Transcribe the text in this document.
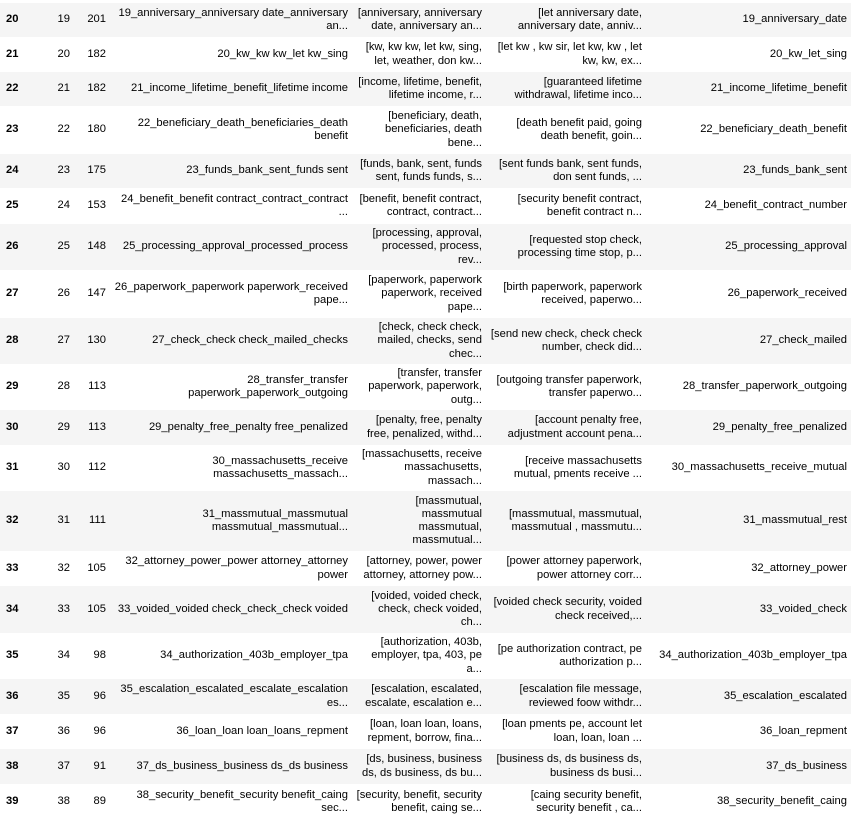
20	19	201	19_anniversary_anniversary date_anniversary an...	[anniversary, anniversary date, anniversary an...	[let anniversary date, anniversary date, anniv...	19_anniversary_date
21	20	182	20_kw_kw kw_let kw_sing	[kw, kw kw, let kw, sing, let, weather, don kw...	[let kw , kw sir, let kw, kw , let kw, kw, ex...	20_kw_let_sing
22	21	182	21_income_lifetime_benefit_lifetime income	[income, lifetime, benefit, lifetime income, r...	[guaranteed lifetime withdrawal, lifetime inco...	21_income_lifetime_benefit
23	22	180	22_beneficiary_death_beneficiaries_death benefit	[beneficiary, death, beneficiaries, death bene...	[death benefit paid, going death benefit, goin...	22_beneficiary_death_benefit
24	23	175	23_funds_bank_sent_funds sent	[funds, bank, sent, funds sent, funds funds, s...	[sent funds bank, sent funds, don sent funds, ...	23_funds_bank_sent
25	24	153	24_benefit_benefit contract_contract_contract ...	[benefit, benefit contract, contract, contract...	[security benefit contract, benefit contract n...	24_benefit_contract_number
26	25	148	25_processing_approval_processed_process	[processing, approval, processed, process, rev...	[requested stop check, processing time stop, p...	25_processing_approval
27	26	147	26_paperwork_paperwork paperwork_received pape...	[paperwork, paperwork paperwork, received pape...	[birth paperwork, paperwork received, paperwo...	26_paperwork_received
28	27	130	27_check_check check_mailed_checks	[check, check check, mailed, checks, send chec...	[send new check, check check number, check did...	27_check_mailed
29	28	113	28_transfer_transfer paperwork_paperwork_outgoing	[transfer, transfer paperwork, paperwork, outg...	[outgoing transfer paperwork, transfer paperwo...	28_transfer_paperwork_outgoing
30	29	113	29_penalty_free_penalty free_penalized	[penalty, free, penalty free, penalized, withd...	[account penalty free, adjustment account pena...	29_penalty_free_penalized
31	30	112	30_massachusetts_receive massachusetts_massach...	[massachusetts, receive massachusetts, massach...	[receive massachusetts mutual, pments receive ...	30_massachusetts_receive_mutual
32	31	111	31_massmutual_massmutual massmutual_massmutual...	[massmutual, massmutual massmutual, massmutual...	[massmutual, massmutual, massmutual , massmutu...	31_massmutual_rest
33	32	105	32_attorney_power_power attorney_attorney power	[attorney, power, power attorney, attorney pow...	[power attorney paperwork, power attorney corr...	32_attorney_power
34	33	105	33_voided_voided check_check_check voided	[voided, voided check, check, check voided, ch...	[voided check security, voided check received,...	33_voided_check
35	34	98	34_authorization_403b_employer_tpa	[authorization, 403b, employer, tpa, 403, pe a...	[pe authorization contract, pe authorization p...	34_authorization_403b_employer_tpa
36	35	96	35_escalation_escalated_escalate_escalation es...	[escalation, escalated, escalate, escalation e...	[escalation file message, reviewed foow withdr...	35_escalation_escalated
37	36	96	36_loan_loan loan_loans_repment	[loan, loan loan, loans, repment, borrow, fina...	[loan pments pe, account let loan, loan, loan ...	36_loan_repment
38	37	91	37_ds_business_business ds_ds business	[ds, business, business ds, ds business, ds bu...	[business ds, ds business ds, business ds busi...	37_ds_business
39	38	89	38_security_benefit_security benefit_caing sec...	[security, benefit, security benefit, caing se...	[caing security benefit, security benefit , ca...	38_security_benefit_caing
